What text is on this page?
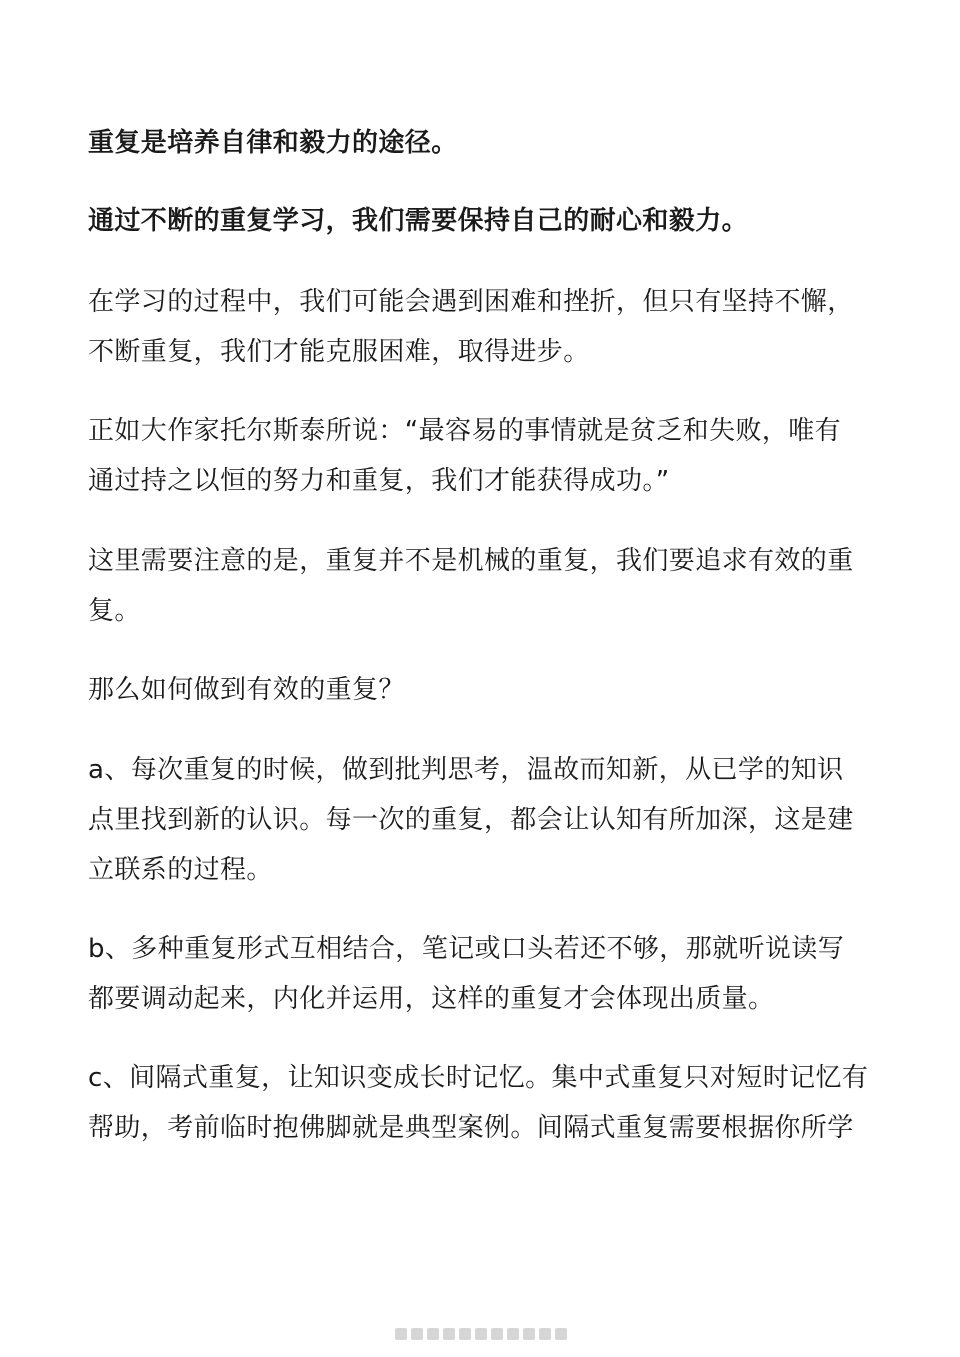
重复是培养自律和毅力的途径。

通过不断的重复学习，我们需要保持自己的耐心和毅力。

在学习的过程中，我们可能会遇到困难和挫折，但只有坚持不懈，
不断重复，我们才能克服困难，取得进步。

正如大作家托尔斯泰所说：“最容易的事情就是贫乏和失败，唯有
通过持之以恒的努力和重复，我们才能获得成功。”

这里需要注意的是，重复并不是机械的重复，我们要追求有效的重
复。

那么如何做到有效的重复？

a、每次重复的时候，做到批判思考，温故而知新，从已学的知识
点里找到新的认识。每一次的重复，都会让认知有所加深，这是建
立联系的过程。

b、多种重复形式互相结合，笔记或口头若还不够，那就听说读写
都要调动起来，内化并运用，这样的重复才会体现出质量。

c、间隔式重复，让知识变成长时记忆。集中式重复只对短时记忆有
帮助，考前临时抱佛脚就是典型案例。间隔式重复需要根据你所学
